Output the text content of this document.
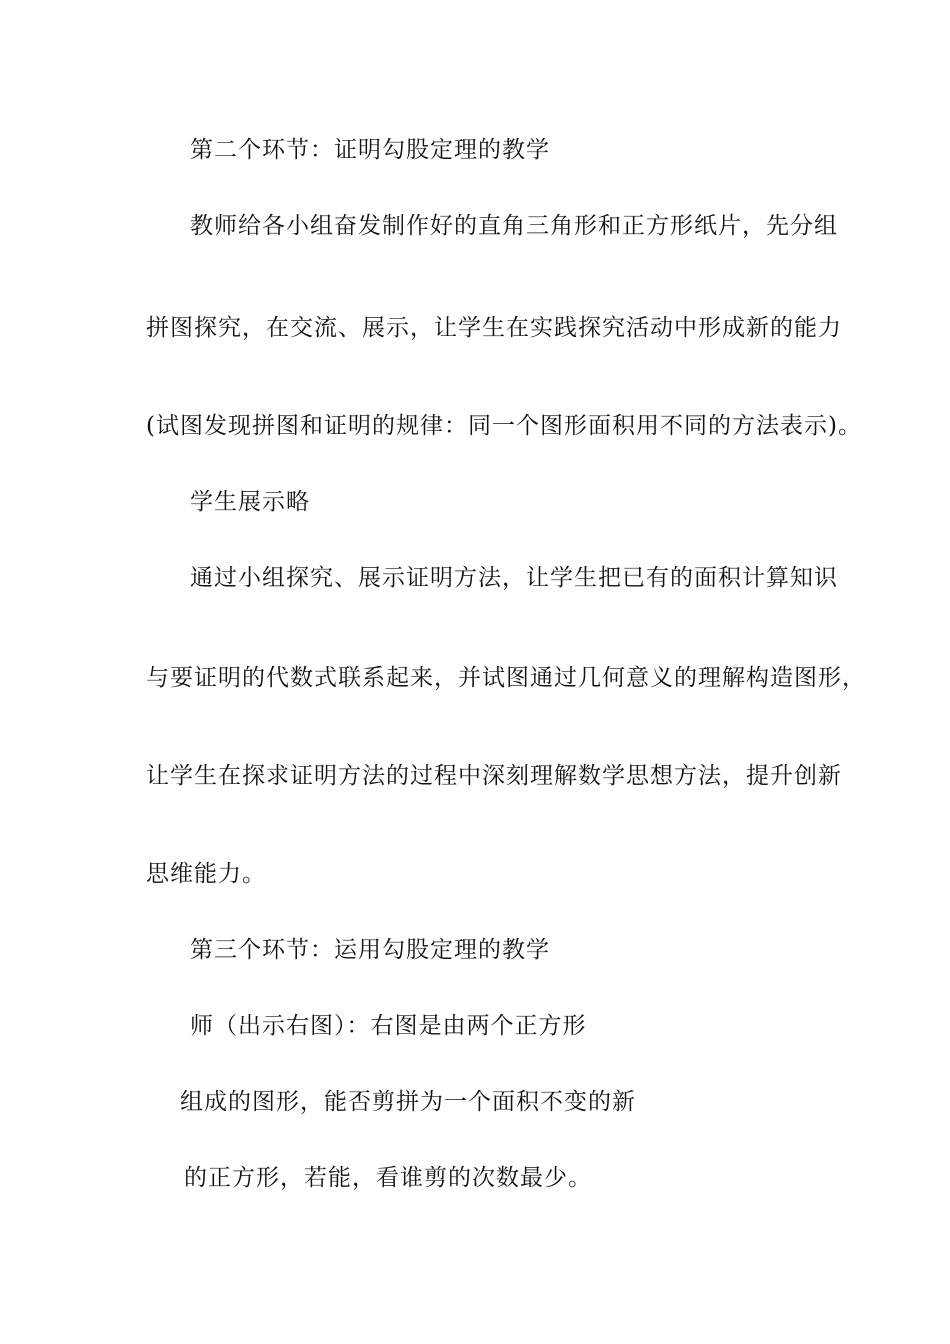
第二个环节：证明勾股定理的教学
教师给各小组奋发制作好的直角三角形和正方形纸片，先分组
拼图探究，在交流、展示，让学生在实践探究活动中形成新的能力
(试图发现拼图和证明的规律：同一个图形面积用不同的方法表示)。
学生展示略
通过小组探究、展示证明方法，让学生把已有的面积计算知识
与要证明的代数式联系起来，并试图通过几何意义的理解构造图形，
让学生在探求证明方法的过程中深刻理解数学思想方法，提升创新
思维能力。
第三个环节：运用勾股定理的教学
师（出示右图）：右图是由两个正方形
组成的图形，能否剪拼为一个面积不变的新
的正方形，若能，看谁剪的次数最少。
